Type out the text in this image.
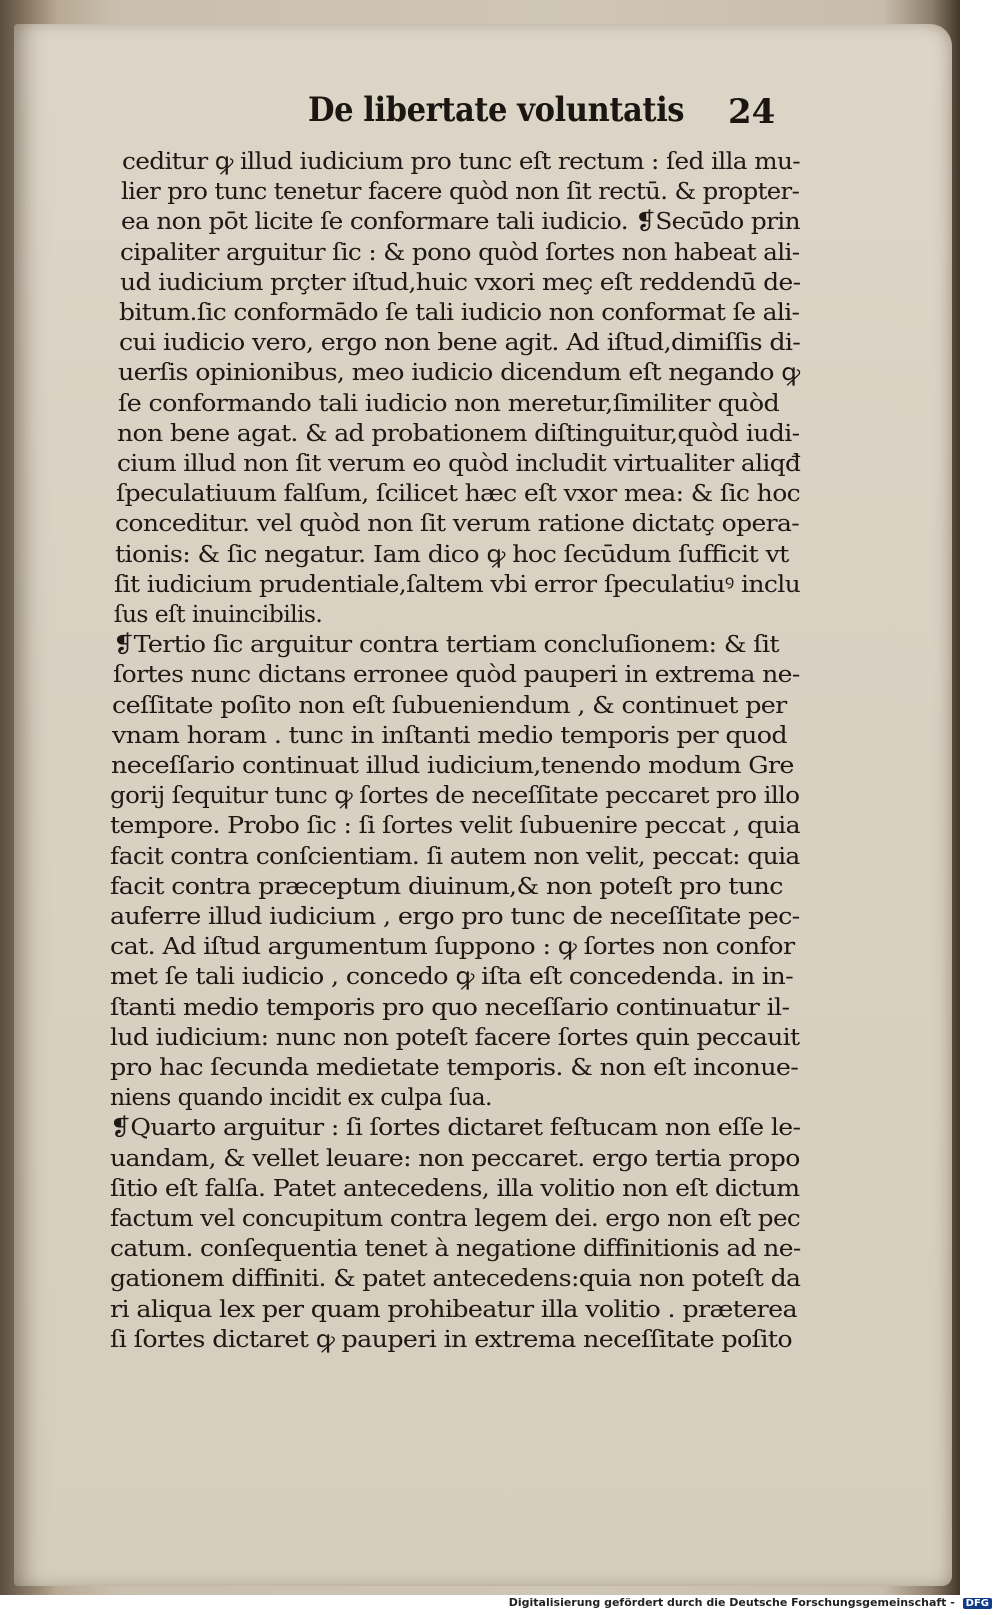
De libertate voluntatis 24
ceditur ꝙ illud iudicium pro tunc eſt rectum : ſed illa mu-
lier pro tunc tenetur facere quòd non ſit rectū. & propter-
ea non pōt licite ſe conformare tali iudicio. ❡Secūdo prin
cipaliter arguitur ſic : & pono quòd ſortes non habeat ali-
ud iudicium prçter iſtud,huic vxori meç eſt reddendū de-
bitum.ſic conformādo ſe tali iudicio non conformat ſe ali-
cui iudicio vero, ergo non bene agit. Ad iſtud,dimiſſis di-
uerſis opinionibus, meo iudicio dicendum eſt negando ꝙ
ſe conformando tali iudicio non meretur,ſimiliter quòd
non bene agat. & ad probationem diſtinguitur,quòd iudi-
cium illud non ſit verum eo quòd includit virtualiter aliqđ
ſpeculatiuum falſum, ſcilicet hæc eſt vxor mea: & ſic hoc
conceditur. vel quòd non ſit verum ratione dictatç opera-
tionis: & ſic negatur. Iam dico ꝙ hoc ſecūdum ſufficit vt
ſit iudicium prudentiale,ſaltem vbi error ſpeculatiuꝰ inclu
ſus eſt inuincibilis.
❡Tertio ſic arguitur contra tertiam concluſionem: & ſit
ſortes nunc dictans erronee quòd pauperi in extrema ne-
ceſſitate poſito non eſt ſubueniendum , & continuet per
vnam horam . tunc in inſtanti medio temporis per quod
neceſſario continuat illud iudicium,tenendo modum Gre
gorij ſequitur tunc ꝙ ſortes de neceſſitate peccaret pro illo
tempore. Probo ſic : ſi ſortes velit ſubuenire peccat , quia
facit contra conſcientiam. ſi autem non velit, peccat: quia
facit contra præceptum diuinum,& non poteſt pro tunc
auferre illud iudicium , ergo pro tunc de neceſſitate pec-
cat. Ad iſtud argumentum ſuppono : ꝙ ſortes non confor
met ſe tali iudicio , concedo ꝙ iſta eſt concedenda. in in-
ſtanti medio temporis pro quo neceſſario continuatur il-
lud iudicium: nunc non poteſt facere ſortes quin peccauit
pro hac ſecunda medietate temporis. & non eſt inconue-
niens quando incidit ex culpa ſua.
❡Quarto arguitur : ſi ſortes dictaret feſtucam non eſſe le-
uandam, & vellet leuare: non peccaret. ergo tertia propo
ſitio eſt falſa. Patet antecedens, illa volitio non eſt dictum
factum vel concupitum contra legem dei. ergo non eſt pec
catum. conſequentia tenet à negatione diffinitionis ad ne-
gationem diffiniti. & patet antecedens:quia non poteſt da
ri aliqua lex per quam prohibeatur illa volitio . præterea
ſi ſortes dictaret ꝙ pauperi in extrema neceſſitate poſito
Digitalisierung gefördert durch die Deutsche Forschungsgemeinschaft - DFG
